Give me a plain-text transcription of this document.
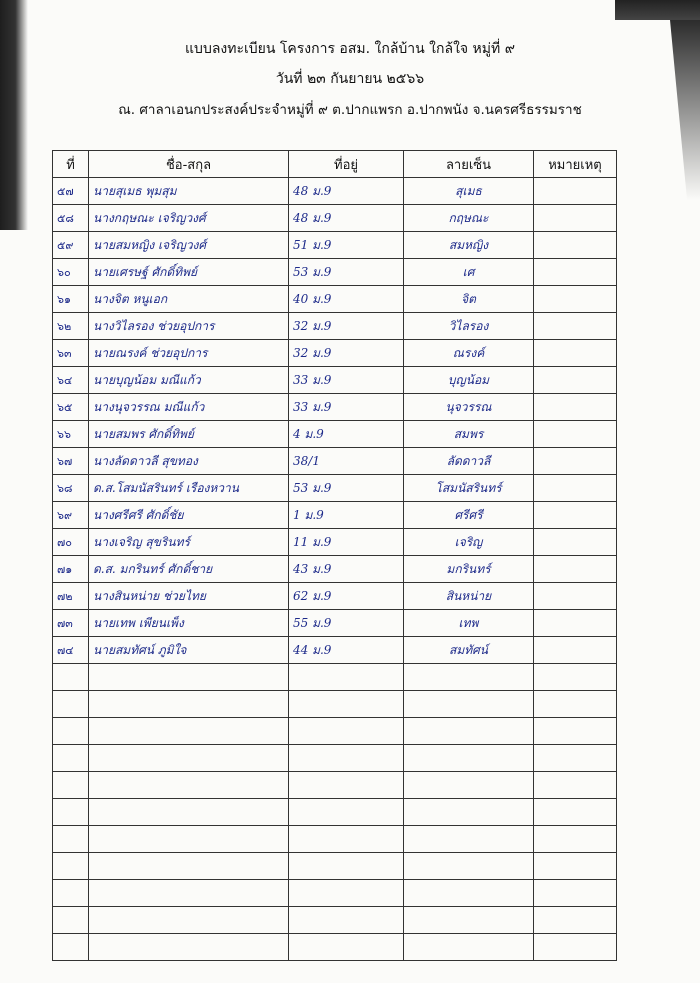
แบบลงทะเบียน โครงการ อสม. ใกล้บ้าน ใกล้ใจ หมู่ที่ ๙
วันที่ ๒๓ กันยายน ๒๕๖๖
ณ. ศาลาเอนกประสงค์ประจำหมู่ที่ ๙ ต.ปากแพรก อ.ปากพนัง จ.นครศรีธรรมราช
ที่	ชื่อ-สกุล	ที่อยู่	ลายเซ็น	หมายเหตุ
๕๗	นายสุเมธ พุมสุม	48 ม.9	สุเมธ	
๕๘	นางกฤษณะ เจริญวงศ์	48 ม.9	กฤษณะ	
๕๙	นายสมหญิง เจริญวงศ์	51 ม.9	สมหญิง	
๖๐	นายเศรษฐ์ ศักดิ์ทิพย์	53 ม.9	เศ	
๖๑	นางจิต หนูเอก	40 ม.9	จิต	
๖๒	นางวิไลรอง ช่วยอุปการ	32 ม.9	วิไลรอง	
๖๓	นายณรงค์ ช่วยอุปการ	32 ม.9	ณรงค์	
๖๔	นายบุญน้อม มณีแก้ว	33 ม.9	บุญน้อม	
๖๕	นางนุจวรรณ มณีแก้ว	33 ม.9	นุจวรรณ	
๖๖	นายสมพร ศักดิ์ทิพย์	4 ม.9	สมพร	
๖๗	นางลัดดาวลี สุขทอง	38/1	ลัดดาวลี	
๖๘	ด.ส.โสมนัสรินทร์ เรืองหวาน	53 ม.9	โสมนัสรินทร์	
๖๙	นางศรีศรี ศักดิ์ชัย	1 ม.9	ศรีศรี	
๗๐	นางเจริญ สุขรินทร์	11 ม.9	เจริญ	
๗๑	ด.ส. มกรินทร์ ศักดิ์ชาย	43 ม.9	มกรินทร์	
๗๒	นางสินหน่าย ช่วยไทย	62 ม.9	สินหน่าย	
๗๓	นายเทพ เพียนเพ็ง	55 ม.9	เทพ	
๗๔	นายสมทัศน์ ภูมิใจ	44 ม.9	สมทัศน์	
